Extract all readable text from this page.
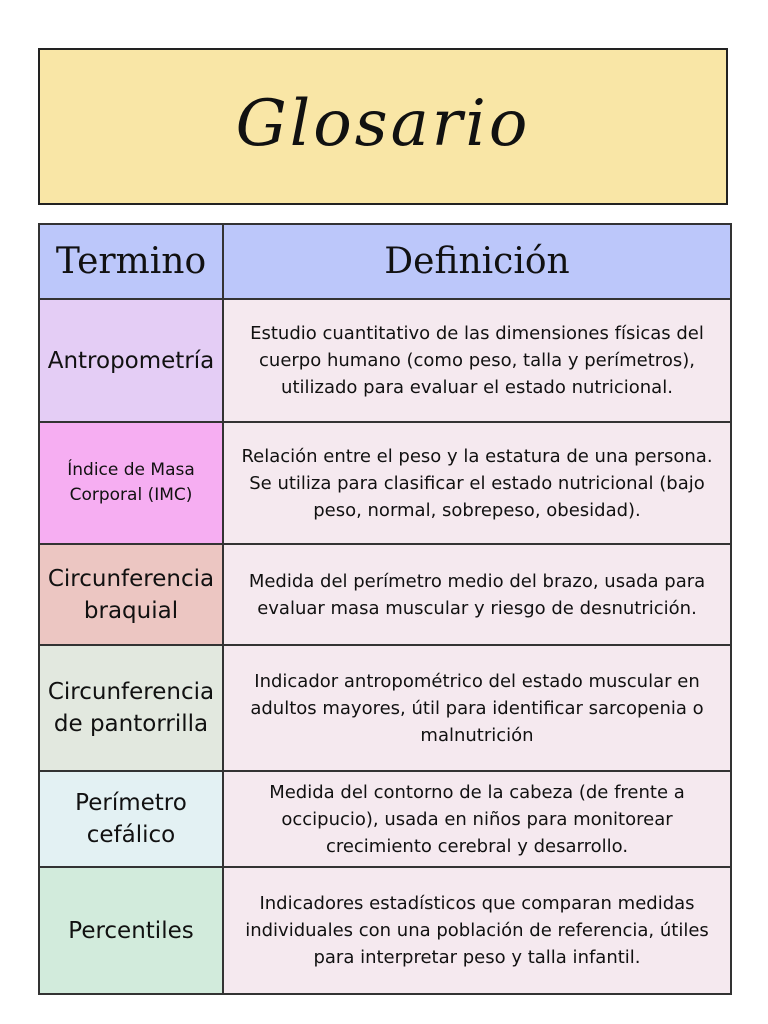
Glosario
Termino	Definición
Antropometría	Estudio cuantitativo de las dimensiones físicas del cuerpo humano (como peso, talla y perímetros), utilizado para evaluar el estado nutricional.
Índice de Masa Corporal (IMC)	Relación entre el peso y la estatura de una persona. Se utiliza para clasificar el estado nutricional (bajo peso, normal, sobrepeso, obesidad).
Circunferencia braquial	Medida del perímetro medio del brazo, usada para evaluar masa muscular y riesgo de desnutrición.
Circunferencia de pantorrilla	Indicador antropométrico del estado muscular en adultos mayores, útil para identificar sarcopenia o malnutrición
Perímetro cefálico	Medida del contorno de la cabeza (de frente a occipucio), usada en niños para monitorear crecimiento cerebral y desarrollo.
Percentiles	Indicadores estadísticos que comparan medidas individuales con una población de referencia, útiles para interpretar peso y talla infantil.
